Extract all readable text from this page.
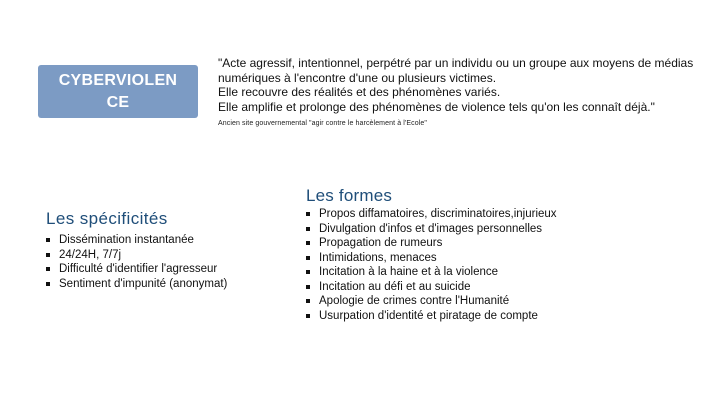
CYBERVIOLENCE

"Acte agressif, intentionnel, perpétré par un individu ou un groupe aux moyens de médias numériques à l'encontre d'une ou plusieurs victimes.

Elle recouvre des réalités et des phénomènes variés.

Elle amplifie et prolonge des phénomènes de violence tels qu'on les connaît déjà."

Ancien site gouvernemental "agir contre le harcèlement à l'Ecole"
Les spécificités
Dissémination instantanée
24/24H, 7/7j
Difficulté d'identifier l'agresseur
Sentiment d'impunité (anonymat)
Les formes
Propos diffamatoires, discriminatoires,injurieux
Divulgation d'infos et d'images personnelles
Propagation de rumeurs
Intimidations, menaces
Incitation à la haine et à la violence
Incitation au défi et au suicide
Apologie de crimes contre l'Humanité
Usurpation d'identité et piratage de compte
